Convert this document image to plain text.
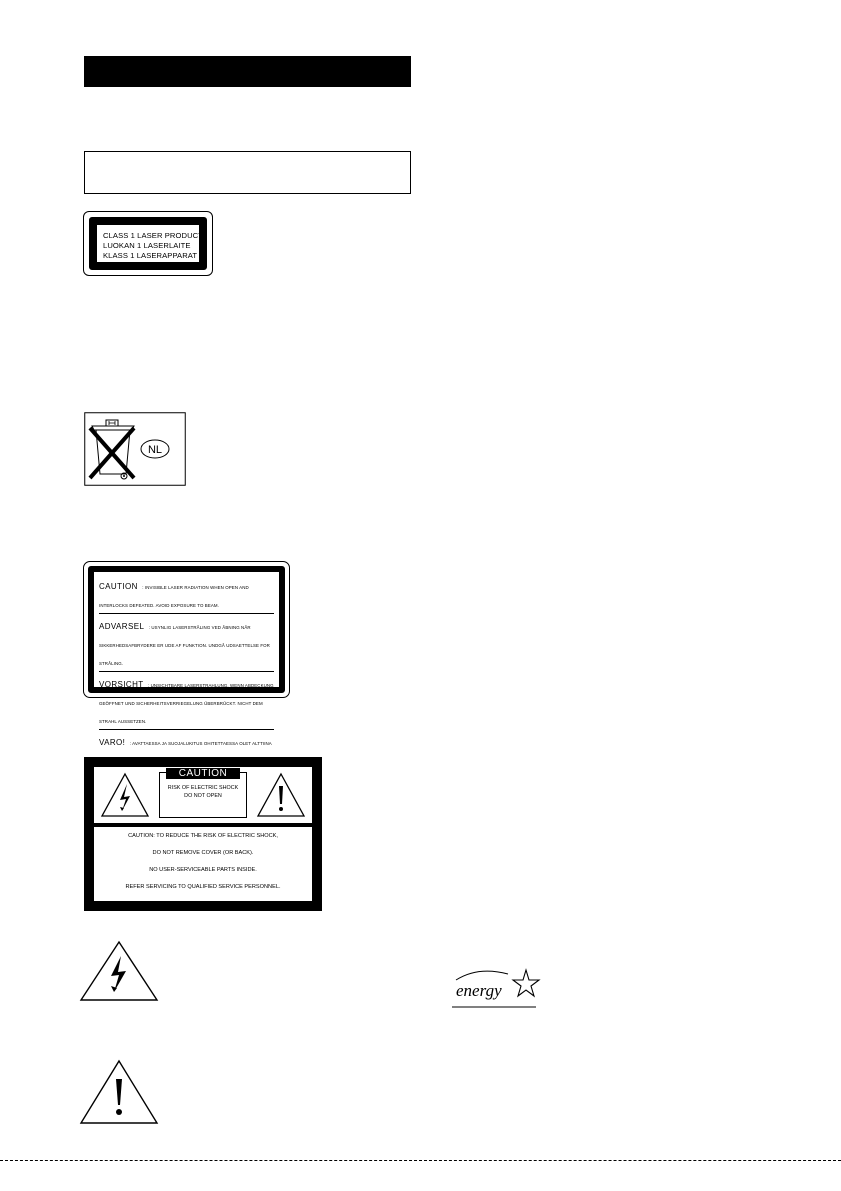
CLASS 1 LASER PRODUCT
LUOKAN 1 LASERLAITE
KLASS 1 LASERAPPARAT
NL
CAUTION : INVISIBLE LASER RADIATION WHEN OPEN AND INTERLOCKS DEFEATED. AVOID EXPOSURE TO BEAM.
ADVARSEL : USYNLIG LASERSTRÅLING VED ÅBNING NÅR SIKKERHEDSAFBRYDERE ER UDE AF FUNKTION. UNDGÅ UDSAETTELSE FOR STRÅLING.
VORSICHT : UNSICHTBARE LASERSTRAHLUNG, WENN ABDECKUNG GEÖFFNET UND SICHERHEITSVERRIEGELUNG ÜBERBRÜCKT. NICHT DEM STRAHL AUSSETZEN.
VARO! : AVATTAESSA JA SUOJALUKITUS OHITETTAESSA OLET ALTTIINA
CAUTION
RISK OF ELECTRIC SHOCK
DO NOT OPEN
CAUTION: TO REDUCE THE RISK OF ELECTRIC SHOCK,
DO NOT REMOVE COVER (OR BACK).
NO USER-SERVICEABLE PARTS INSIDE.
REFER SERVICING TO QUALIFIED SERVICE PERSONNEL.
energy
